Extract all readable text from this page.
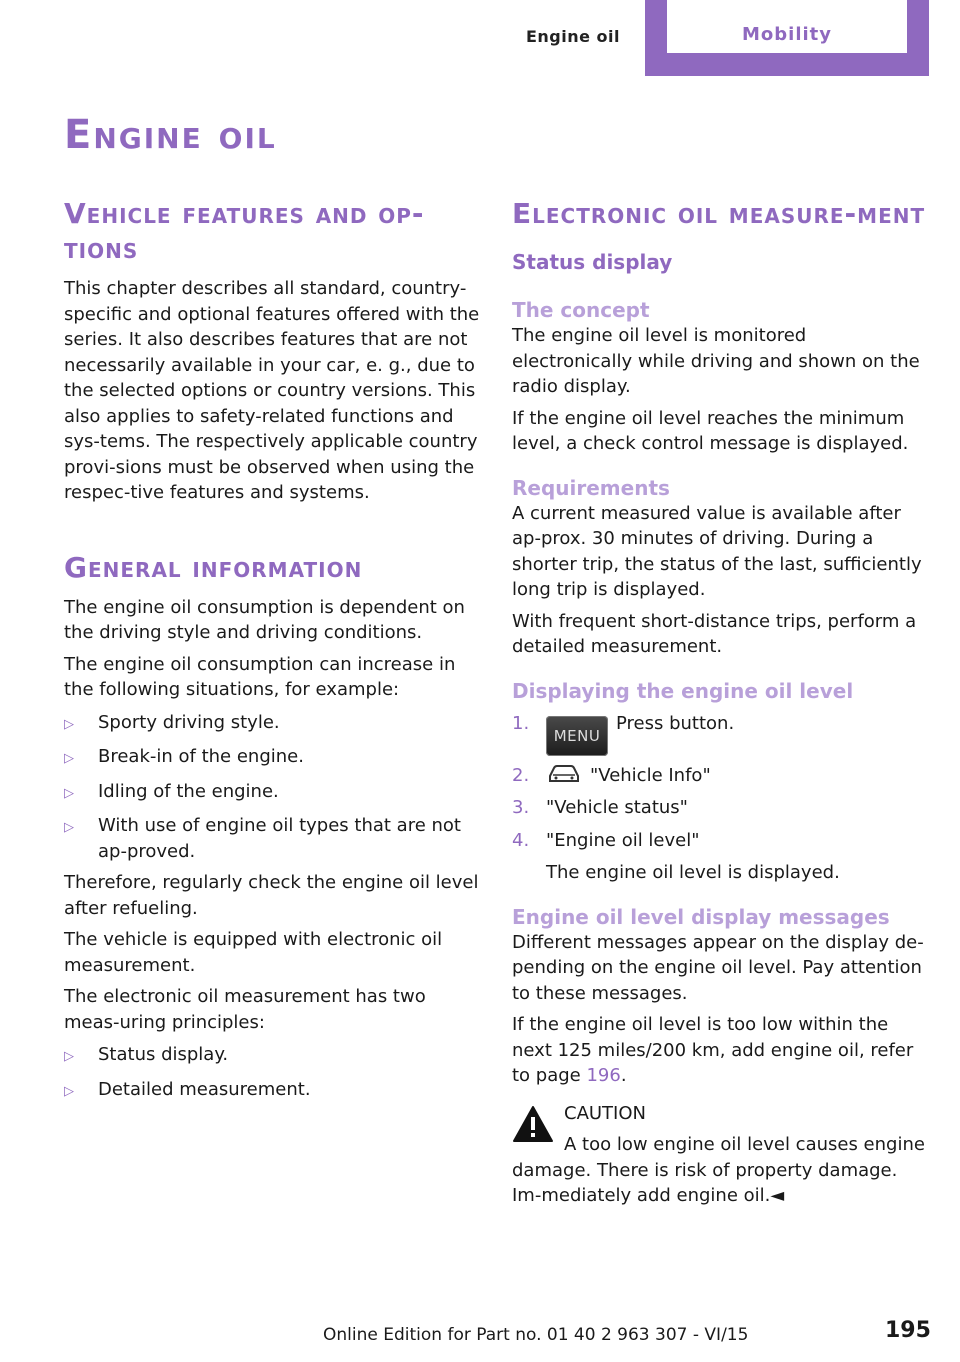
Engine oil	Mobility
Engine oil
Vehicle features and op-tions

This chapter describes all standard, country-specific and optional features offered with the series. It also describes features that are not necessarily available in your car, e. g., due to the selected options or country versions. This also applies to safety-related functions and sys-tems. The respectively applicable country provi-sions must be observed when using the respec-tive features and systems.

General information

The engine oil consumption is dependent on the driving style and driving conditions.

The engine oil consumption can increase in the following situations, for example:

▷	Sporty driving style.
▷	Break-in of the engine.
▷	Idling of the engine.
▷	With use of engine oil types that are not ap-proved.

Therefore, regularly check the engine oil level after refueling.

The vehicle is equipped with electronic oil measurement.

The electronic oil measurement has two meas-uring principles:

▷	Status display.
▷	Detailed measurement.
Electronic oil measure-ment
Status display
The concept

The engine oil level is monitored electronically while driving and shown on the radio display.

If the engine oil level reaches the minimum level, a check control message is displayed.

Requirements

A current measured value is available after ap-prox. 30 minutes of driving. During a shorter trip, the status of the last, sufficiently long trip is displayed.

With frequent short-distance trips, perform a detailed measurement.

Displaying the engine oil level
1.
MENUPress button.
2.	"Vehicle Info"
3. "Vehicle status"
4. "Engine oil level"
The engine oil level is displayed.
Engine oil level display messages

Different messages appear on the display de-pending on the engine oil level. Pay attention to these messages.

If the engine oil level is too low within the next 125 miles/200 km, add engine oil, refer to page 196.

CAUTION
A too low engine oil level causes engine
damage. There is risk of property damage. Im-mediately add engine oil.◄
Online Edition for Part no. 01 40 2 963 307 - VI/15	195
